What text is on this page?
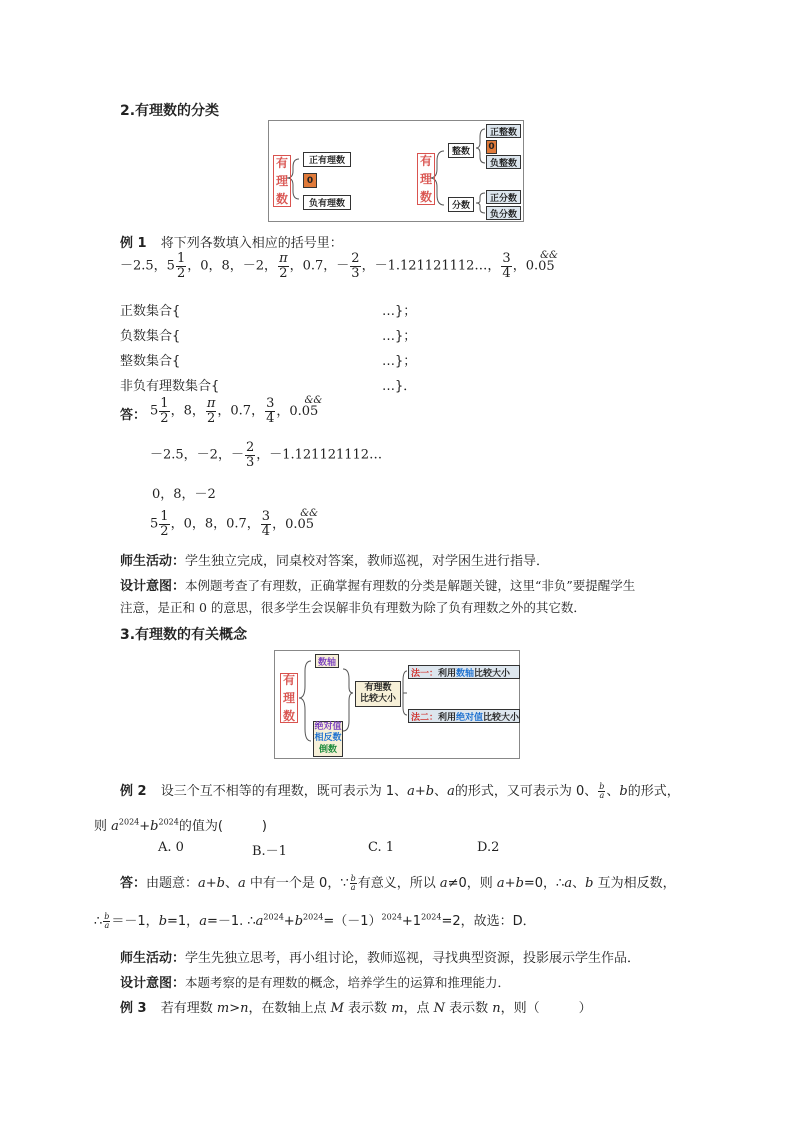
2.有理数的分类
有
理
数
正有理数
0
负有理数
有
理
数
整数
分数
正整数
0
负整数
正分数
负分数
例 1 将下列各数填入相应的括号里：
－2.5，$5 \frac{1}{2}$ ，0，8，－2， $\frac{\pi}{2}$ ，0.7，－ $\frac{2}{3}$ ，－1.121121112…， $\frac{3}{4}$ ，0.05
&&
正数集合{	…}；
负数集合{	…}；
整数集合{	…}；
非负有理数集合{	…}．
答： $5 \frac{1}{2}$ ，8， $\frac{\pi}{2}$ ，0.7， $\frac{3}{4}$ ，0.05
&&
－2.5，－2，－ $\frac{2}{3}$ ，－1.121121112…
0，8，－2
$5 \frac{1}{2}$ ，0，8，0.7， $\frac{3}{4}$ ，0.05
&&
师生活动：学生独立完成，同桌校对答案，教师巡视，对学困生进行指导．
设计意图：本例题考查了有理数，正确掌握有理数的分类是解题关键，这里“非负”要提醒学生
注意，是正和 0 的意思，很多学生会误解非负有理数为除了负有理数之外的其它数．
3.有理数的有关概念
有
理
数
数轴
绝对值
相反数
倒数
有理数
比较大小
法一： 利用 数轴 比较大小
法二： 利用 绝对值 比较大小
例 2 设三个互不相等的有理数，既可表示为 1、a+b、a的形式，又可表示为 0、 $\frac{b}{a}$ 、b的形式，
则 $a^{2024}+b^{2024}$的值为(　　　)
A. 0	B.－1	C. 1	D.2
答：由题意：a+b、a 中有一个是 0，∵ $\frac{b}{a}$ 有意义，所以 a≠0，则 a+b=0，∴a、b 互为相反数，
∴ $\frac{b}{a} =-1$，b=1，a=－1. $\therefore a^{2024}+b^{2024}=(-1)^{2024}+1^{2024}=2$，故选：D．
师生活动：学生先独立思考，再小组讨论，教师巡视，寻找典型资源，投影展示学生作品．
设计意图：本题考察的是有理数的概念，培养学生的运算和推理能力．
例 3 若有理数 m>n，在数轴上点 M 表示数 m，点 N 表示数 n，则（　　　）
